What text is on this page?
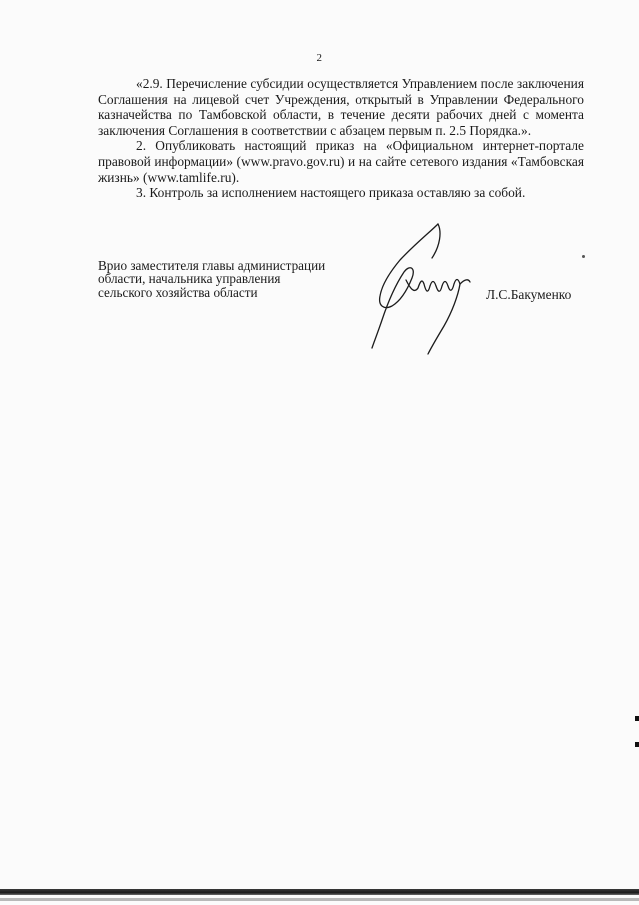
2

«2.9. Перечисление субсидии осуществляется Управлением после заключения Соглашения на лицевой счет Учреждения, открытый в Управлении Федерального казначейства по Тамбовской области, в течение десяти рабочих дней с момента заключения Соглашения в соответствии с абзацем первым п. 2.5 Порядка.».

2. Опубликовать настоящий приказ на «Официальном интернет-портале правовой информации» (www.pravo.gov.ru) и на сайте сетевого издания «Тамбовская жизнь» (www.tamlife.ru).

3. Контроль за исполнением настоящего приказа оставляю за собой.

Врио заместителя главы администрации
области, начальника управления
сельского хозяйства области	Л.С.Бакуменко
